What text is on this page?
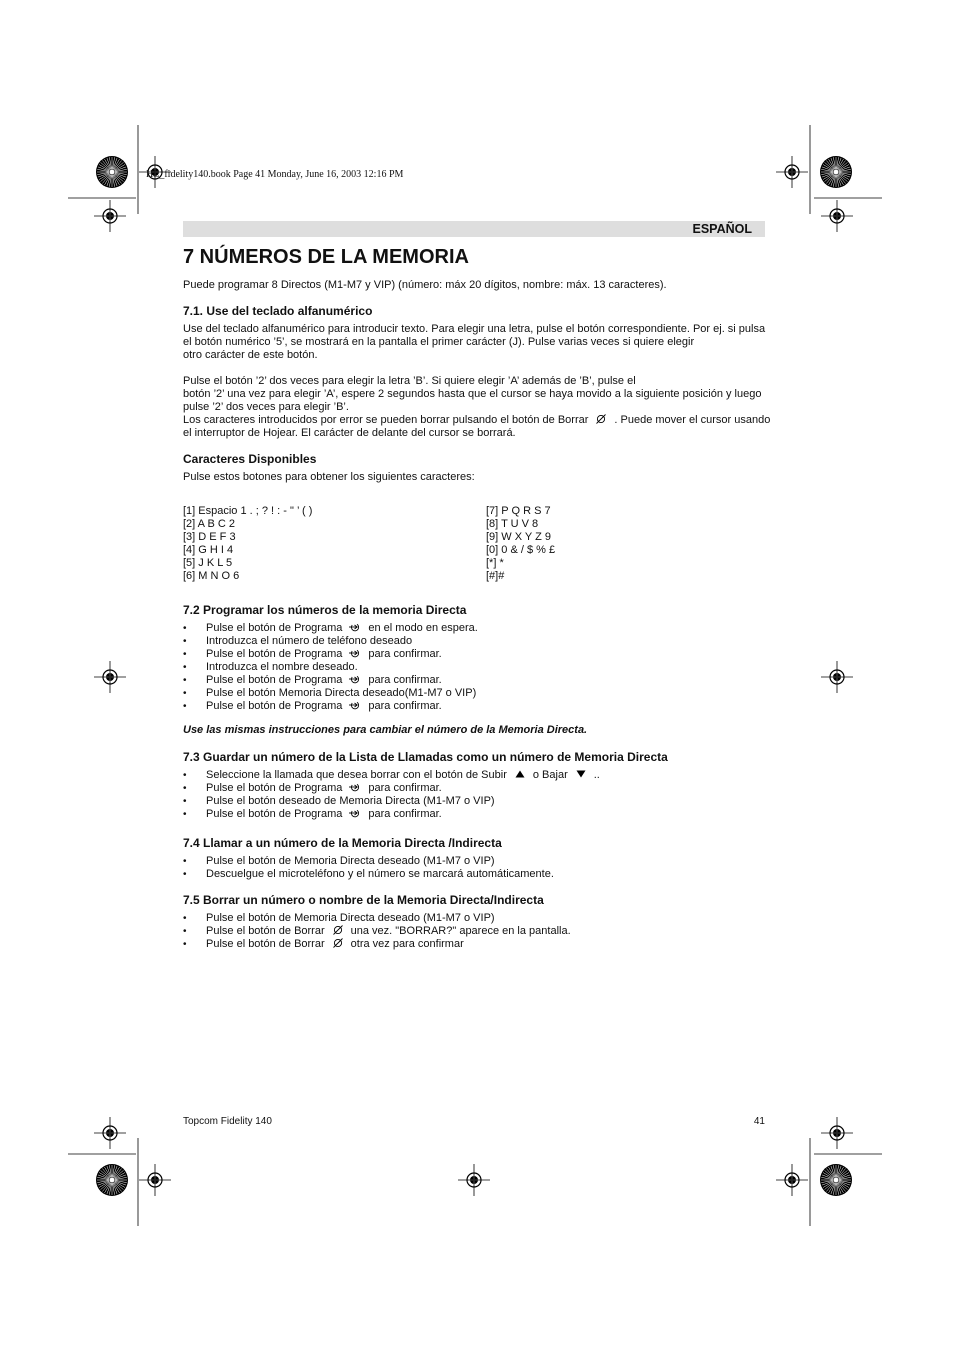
HL_fidelity140.book Page 41 Monday, June 16, 2003 12:16 PM
ESPAÑOL
7 NÚMEROS DE LA MEMORIA

Puede programar 8 Directos (M1-M7 y VIP) (número: máx 20 dígitos, nombre: máx. 13 caracteres).

7.1. Use del teclado alfanumérico
Use del teclado alfanumérico para introducir texto. Para elegir una letra, pulse el botón correspondiente. Por ej. si pulsa
el botón numérico ’5’, se mostrará en la pantalla el primer carácter (J). Pulse varias veces si quiere elegir
otro carácter de este botón.
Pulse el botón ’2’ dos veces para elegir la letra ’B’. Si quiere elegir ’A’ además de ’B’, pulse el
botón ’2’ una vez para elegir ’A’, espere 2 segundos hasta que el cursor se haya movido a la siguiente posición y luego
pulse ’2’ dos veces para elegir ’B’.
Los caracteres introducidos por error se pueden borrar pulsando el botón de Borrar . Puede mover el cursor usando
el interruptor de Hojear. El carácter de delante del cursor se borrará.
Caracteres Disponibles

Pulse estos botones para obtener los siguientes caracteres:

[1] Espacio 1 . ; ? ! : - " ’ ( )
[2] A B C 2
[3] D E F 3
[4] G H I 4
[5] J K L 5
[6] M N O 6
[7] P Q R S 7
[8] T U V 8
[9] W X Y Z 9
[0] 0 & / $ % £
[*] *
[#]#
7.2 Programar los números de la memoria Directa
• Pulse el botón de Programa en el modo en espera.
• Introduzca el número de teléfono deseado
• Pulse el botón de Programa para confirmar.
• Introduzca el nombre deseado.
• Pulse el botón de Programa para confirmar.
• Pulse el botón Memoria Directa deseado(M1-M7 o VIP)
• Pulse el botón de Programa para confirmar.
Use las mismas instrucciones para cambiar el número de la Memoria Directa.
7.3 Guardar un número de la Lista de Llamadas como un número de Memoria Directa
• Seleccione la llamada que desea borrar con el botón de Subir o Bajar ..
• Pulse el botón de Programa para confirmar.
• Pulse el botón deseado de Memoria Directa (M1-M7 o VIP)
• Pulse el botón de Programa para confirmar.
7.4 Llamar a un número de la Memoria Directa /Indirecta
• Pulse el botón de Memoria Directa deseado (M1-M7 o VIP)
• Descuelgue el microteléfono y el número se marcará automáticamente.
7.5 Borrar un número o nombre de la Memoria Directa/Indirecta
• Pulse el botón de Memoria Directa deseado (M1-M7 o VIP)
• Pulse el botón de Borrar una vez. "BORRAR?" aparece en la pantalla.
• Pulse el botón de Borrar otra vez para confirmar
Topcom Fidelity 140	41
